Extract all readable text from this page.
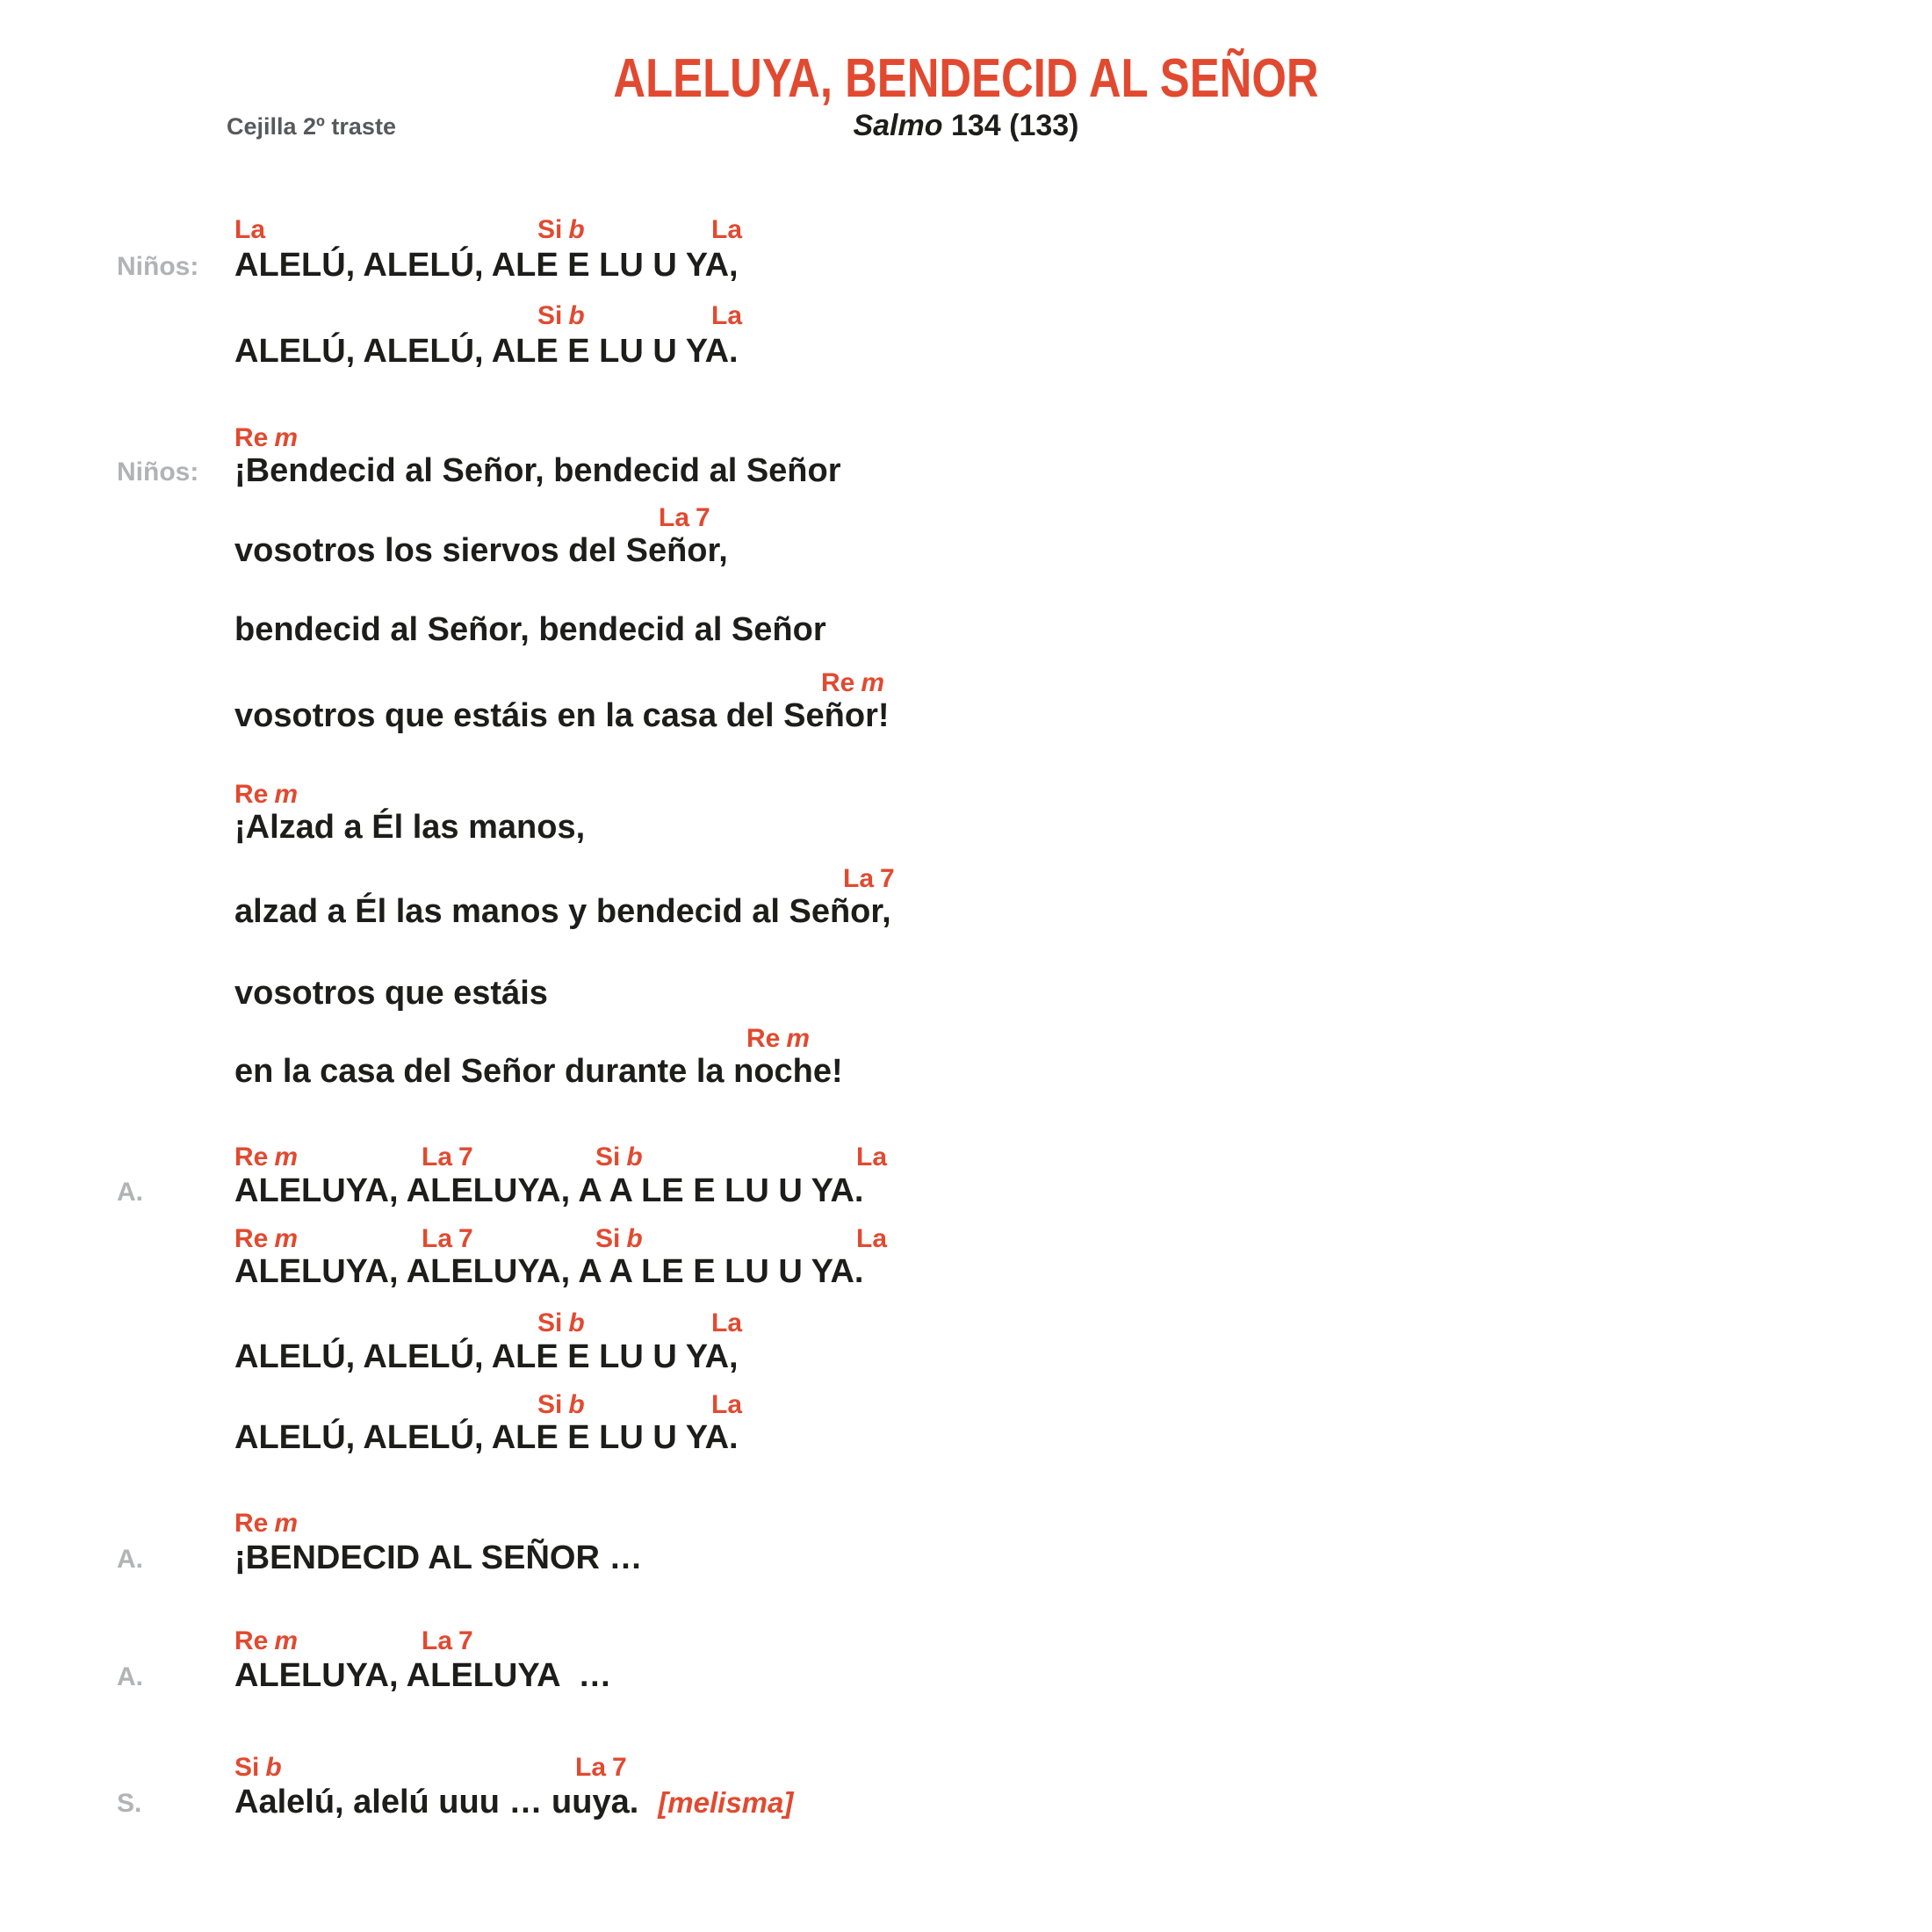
ALELUYA, BENDECID AL SEÑOR
Cejilla 2º traste	Salmo 134 (133)
Niños:
La	Si b	La
ALELÚ, ALELÚ, ALE E LU U YA,
Si b	La
ALELÚ, ALELÚ, ALE E LU U YA.
Niños:
Re m
¡Bendecid al Señor, bendecid al Señor
La 7
vosotros los siervos del Señor,
bendecid al Señor, bendecid al Señor
Re m
vosotros que estáis en la casa del Señor!
Re m
¡Alzad a Él las manos,
La 7
alzad a Él las manos y bendecid al Señor,
vosotros que estáis
Re m
en la casa del Señor durante la noche!
A.
Re m	La 7	Si b	La
ALELUYA, ALELUYA, A A LE E LU U YA.
Re m	La 7	Si b	La
ALELUYA, ALELUYA, A A LE E LU U YA.
Si b	La
ALELÚ, ALELÚ, ALE E LU U YA,
Si b	La
ALELÚ, ALELÚ, ALE E LU U YA.
A.
Re m
¡BENDECID AL SEÑOR …
A.
Re m	La 7
ALELUYA, ALELUYA  …
S.
Si b	La 7
Aalelú, alelú uuu … uuya. [melisma]
